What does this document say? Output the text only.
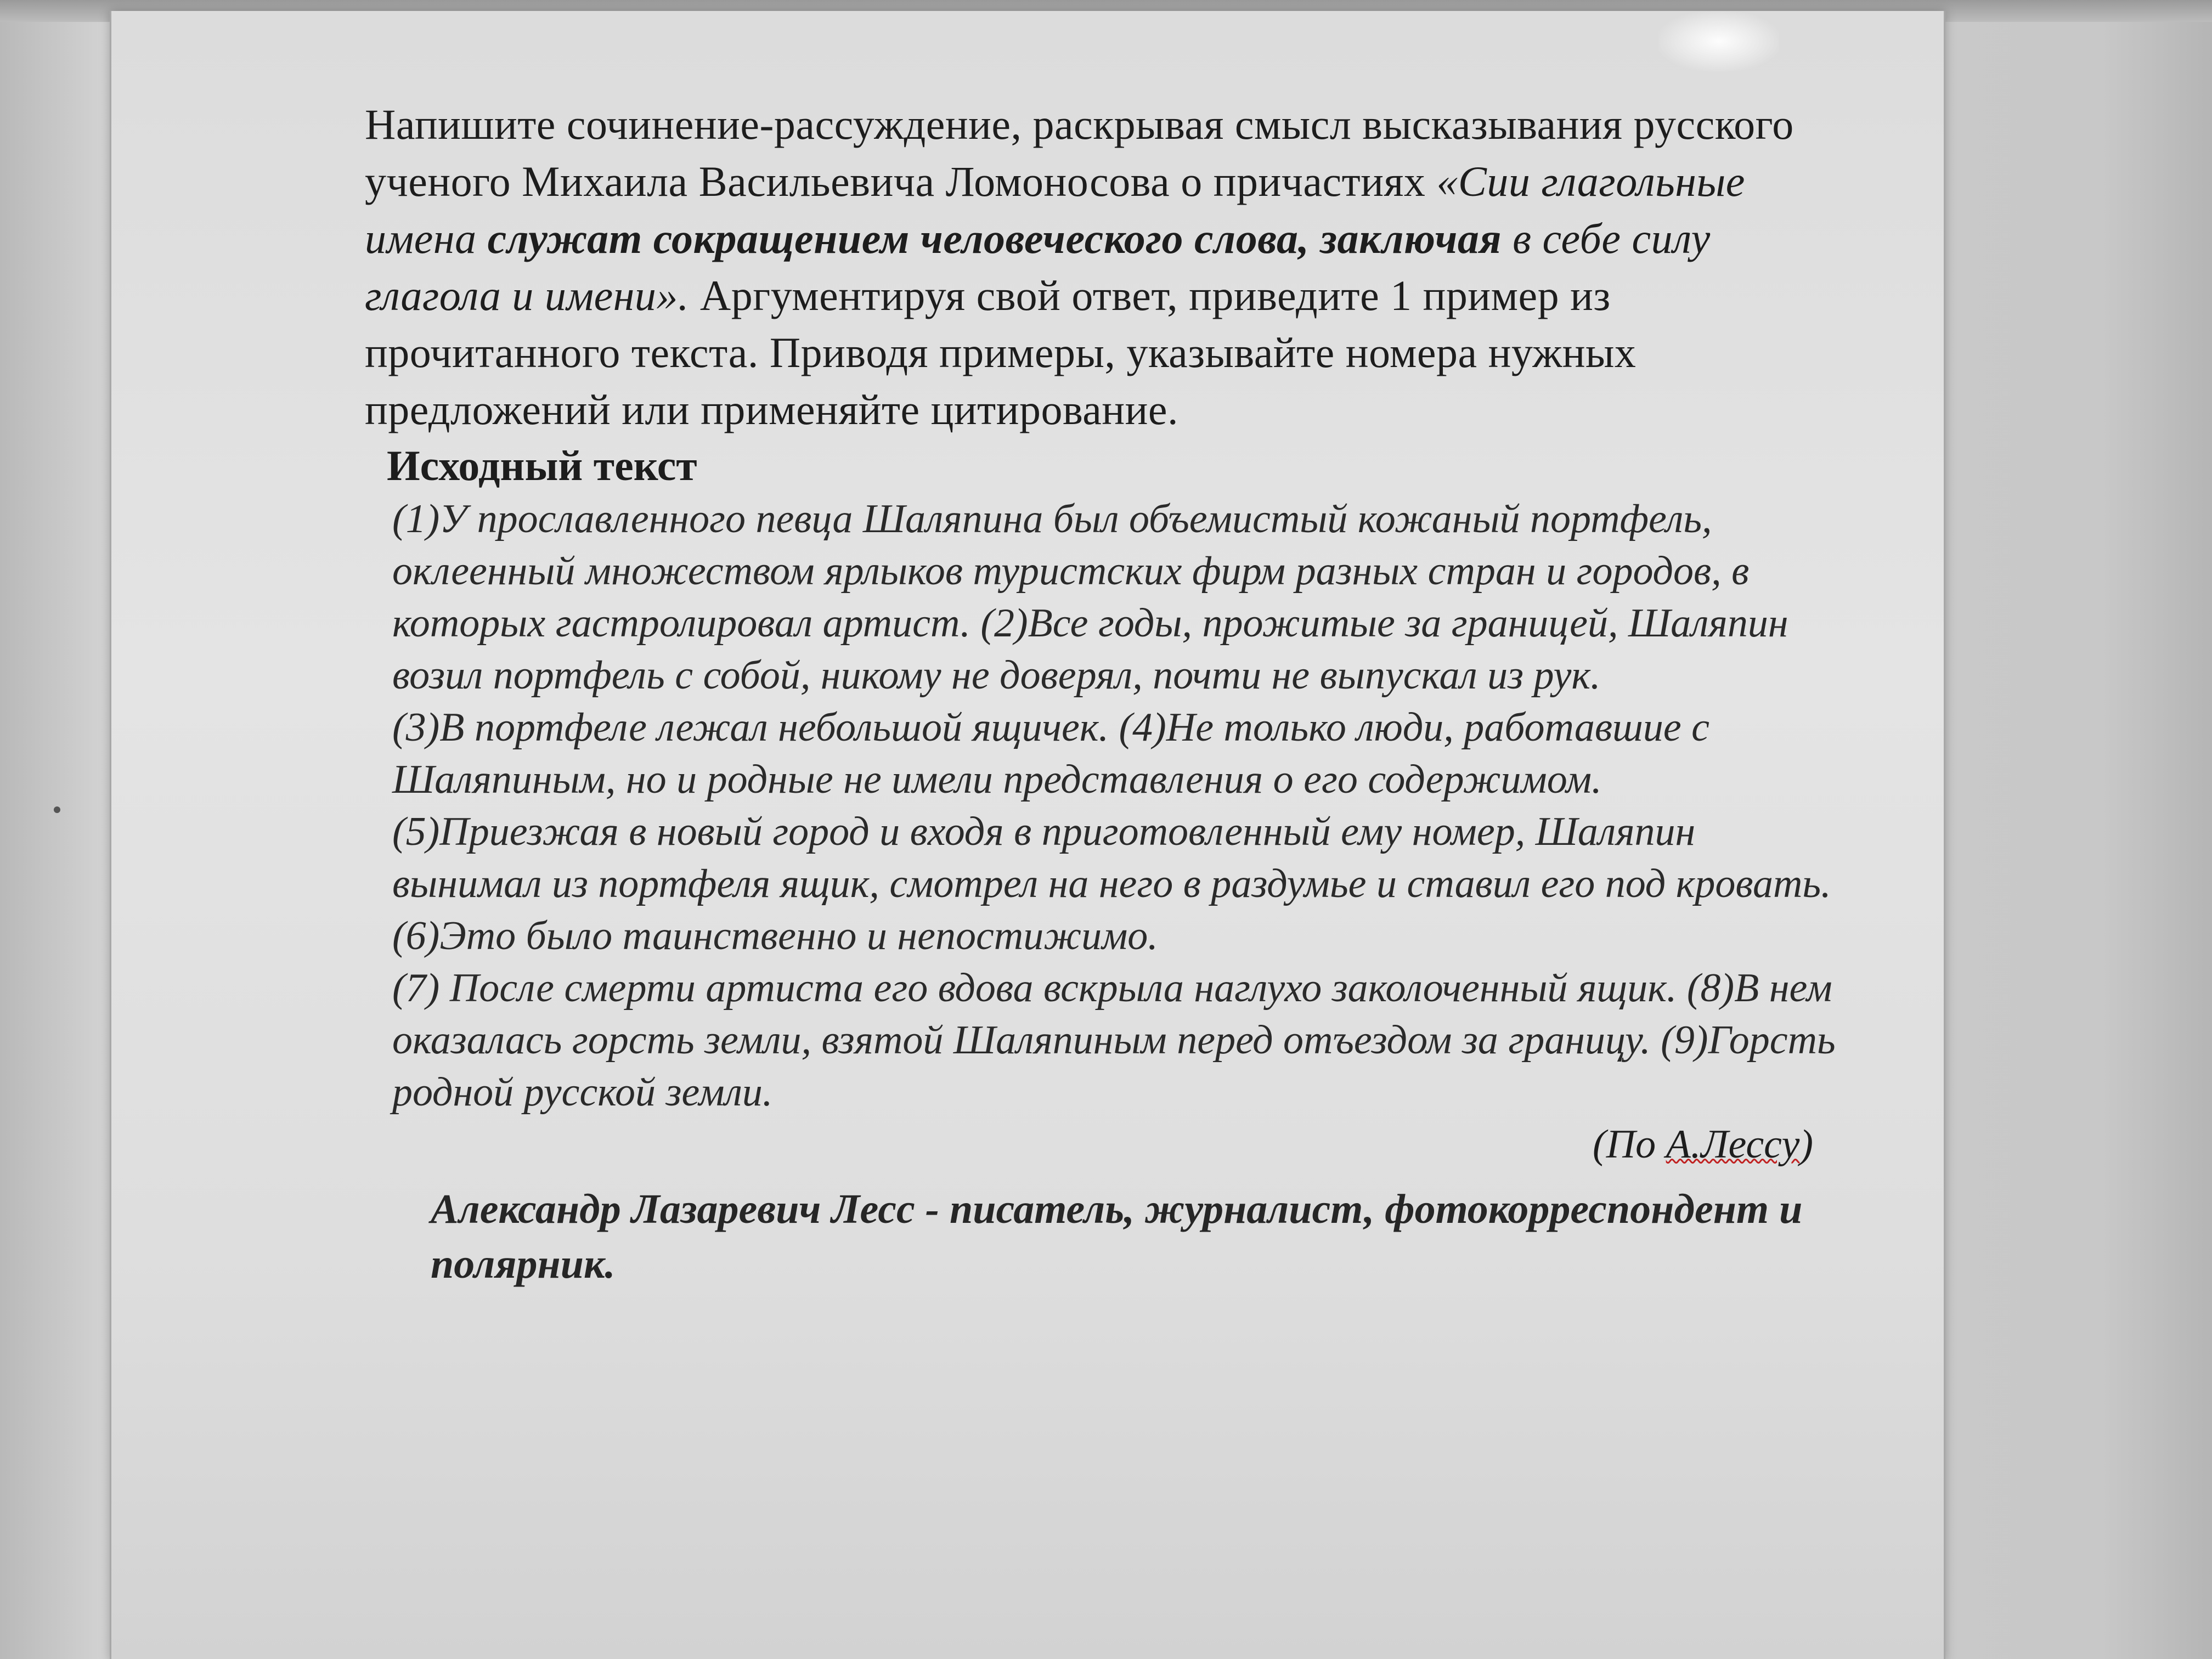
Напишите сочинение-рассуждение, раскрывая смысл высказывания русского ученого Михаила Васильевича Ломоносова о причастиях «Сии глагольные имена служат сокращением человеческого слова, заключая в себе силу глагола и имени». Аргументируя свой ответ, приведите 1 пример из прочитанного текста. Приводя примеры, указывайте номера нужных предложений или применяйте цитирование.

Исходный текст

(1)У прославленного певца Шаляпина был объемистый кожаный портфель, оклеенный множеством ярлыков туристских фирм разных стран и городов, в которых гастролировал артист. (2)Все годы, прожитые за границей, Шаляпин возил портфель с собой, никому не доверял, почти не выпускал из рук.

(3)В портфеле лежал небольшой ящичек. (4)Не только люди, работавшие с Шаляпиным, но и родные не имели представления о его содержимом.

(5)Приезжая в новый город и входя в приготовленный ему номер, Шаляпин вынимал из портфеля ящик, смотрел на него в раздумье и ставил его под кровать.

(6)Это было таинственно и непостижимо.

(7) После смерти артиста его вдова вскрыла наглухо заколоченный ящик. (8)В нем оказалась горсть земли, взятой Шаляпиным перед отъездом за границу. (9)Горсть родной русской земли.

(По А.Лессу)

Александр Лазаревич Лесс - писатель, журналист, фотокорреспондент и полярник.
